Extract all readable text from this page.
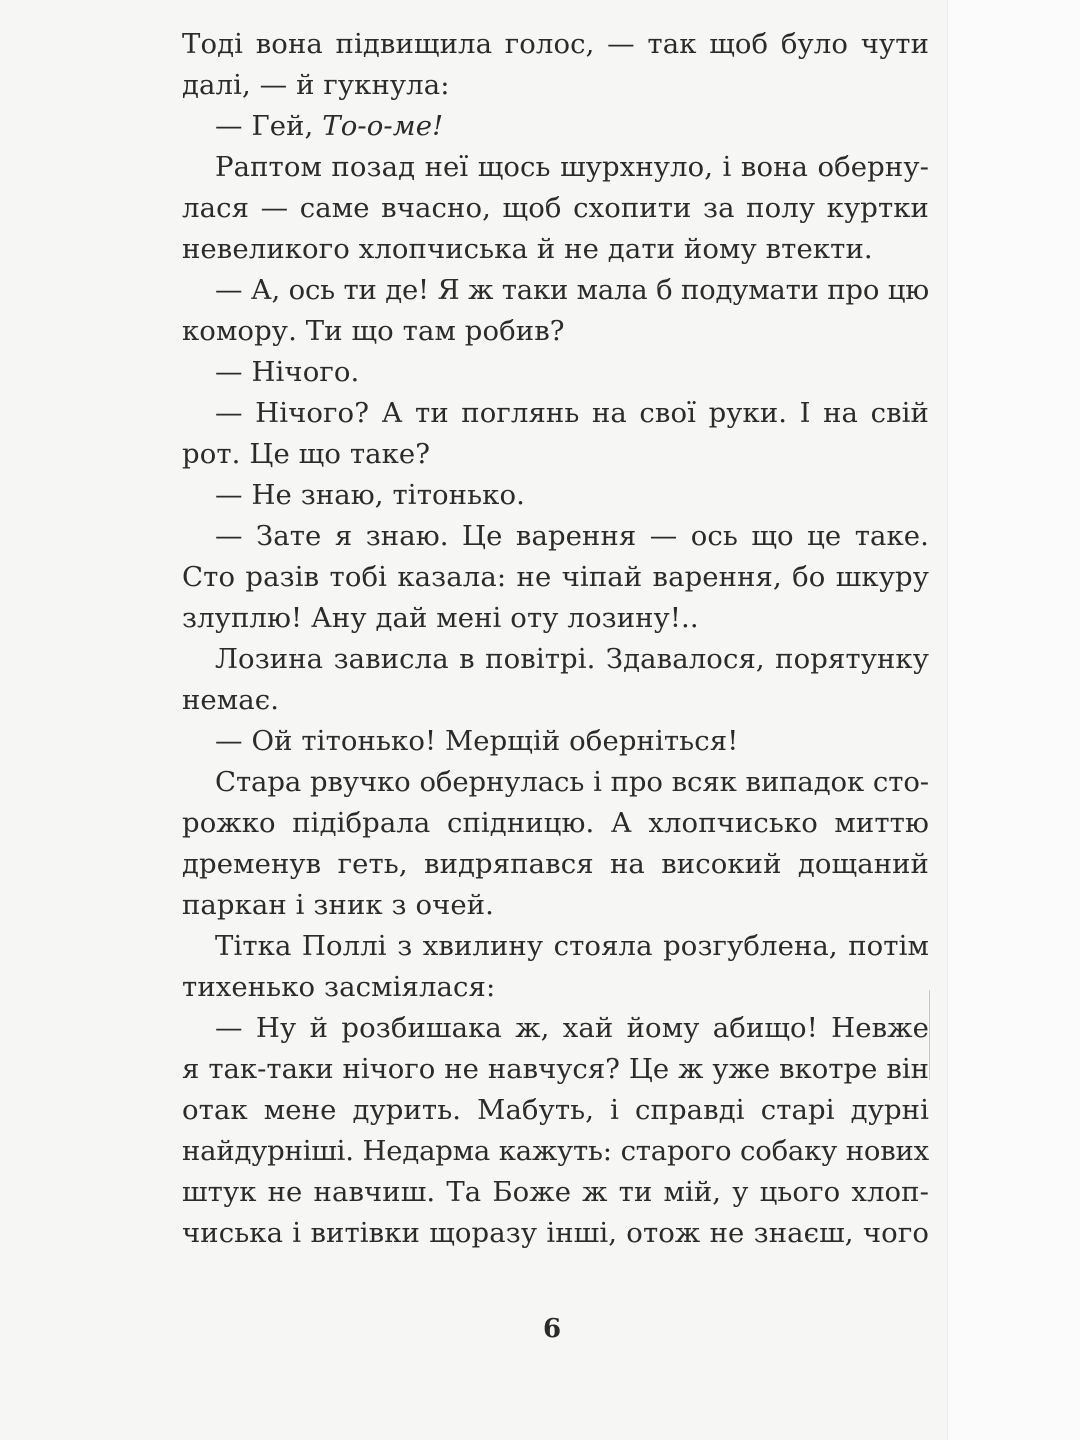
Тоді вона підвищила голос, — так щоб було чути
далі, — й гукнула:
— Гей, То-о-ме!
Раптом позад неї щось шурхнуло, і вона оберну-
лася — саме вчасно, щоб схопити за полу куртки
невеликого хлопчиська й не дати йому втекти.
— А, ось ти де! Я ж таки мала б подумати про цю
комору. Ти що там робив?
— Нічого.
— Нічого? А ти поглянь на свої руки. І на свій
рот. Це що таке?
— Не знаю, тітонько.
— Зате я знаю. Це варення — ось що це таке.
Сто разів тобі казала: не чіпай варення, бо шкуру
злуплю! Ану дай мені оту лозину!..
Лозина зависла в повітрі. Здавалося, порятунку
немає.
— Ой тітонько! Мерщій оберніться!
Стара рвучко обернулась і про всяк випадок сто-
рожко підібрала спідницю. А хлопчисько миттю
дременув геть, видряпався на високий дощаний
паркан і зник з очей.
Тітка Поллі з хвилину стояла розгублена, потім
тихенько засміялася:
— Ну й розбишака ж, хай йому абищо! Невже
я так-таки нічого не навчуся? Це ж уже вкотре він
отак мене дурить. Мабуть, і справді старі дурні
найдурніші. Недарма кажуть: старого собаку нових
штук не навчиш. Та Боже ж ти мій, у цього хлоп-
чиська і витівки щоразу інші, отож не знаєш, чого
6
